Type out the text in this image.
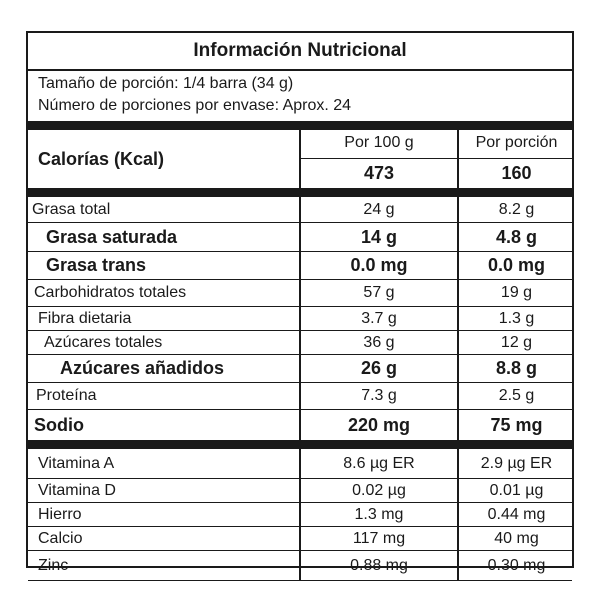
Información Nutricional
Tamaño de porción: 1/4 barra (34 g)
Número de porciones por envase: Aprox. 24
Calorías (Kcal)
Por 100 g	Por porción
473	160
Grasa total	24 g	8.2 g
Grasa saturada	14 g	4.8 g
Grasa trans	0.0 mg	0.0 mg
Carbohidratos totales	57 g	19 g
Fibra dietaria	3.7 g	1.3 g
Azúcares totales	36 g	12 g
Azúcares añadidos	26 g	8.8 g
Proteína	7.3 g	2.5 g
Sodio	220 mg	75 mg
Vitamina A	8.6 µg ER	2.9 µg ER
Vitamina D	0.02 µg	0.01 µg
Hierro	1.3 mg	0.44 mg
Calcio	117 mg	40 mg
Zinc	0.88 mg	0.30 mg
